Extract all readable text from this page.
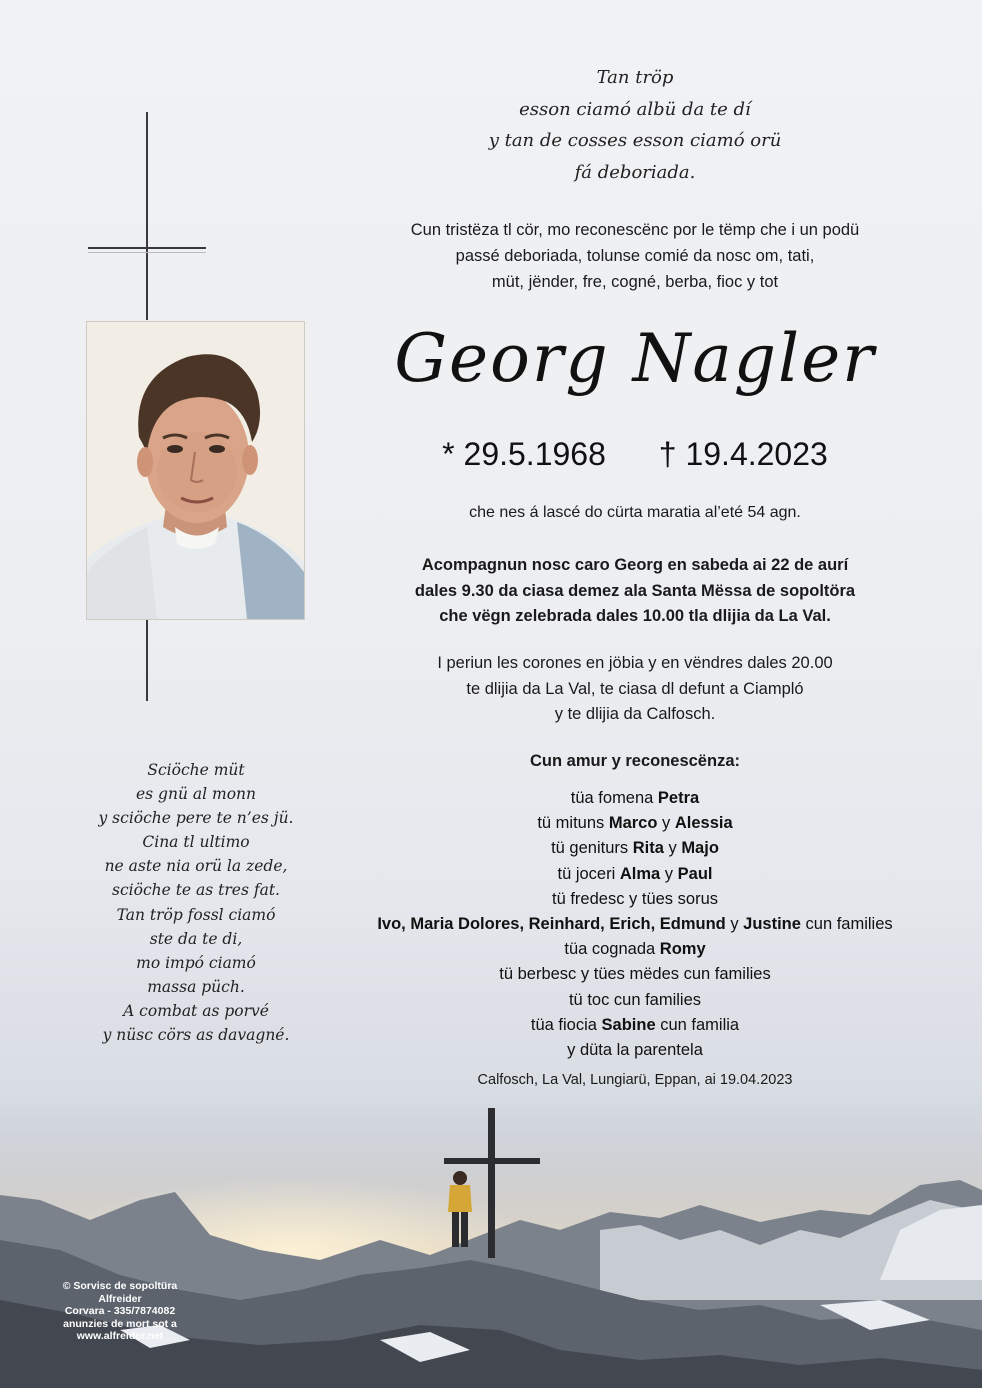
Tan tröp
esson ciamó albü da te dí
y tan de cosses esson ciamó orü
fá deboriada.
Cun tristëza tl cör, mo reconescënc por le tëmp che i un podü
passé deboriada, tolunse comié da nosc om, tati,
müt, jënder, fre, cogné, berba, fioc y tot
Georg Nagler
* 29.5.1968 † 19.4.2023
che nes á lascé do cürta maratia al’eté 54 agn.
Acompagnun nosc caro Georg en sabeda ai 22 de aurí
dales 9.30 da ciasa demez ala Santa Mëssa de sopoltöra
che vëgn zelebrada dales 10.00 tla dlijia da La Val.
I periun les corones en jöbia y en vëndres dales 20.00
te dlijia da La Val, te ciasa dl defunt a Ciampló
y te dlijia da Calfosch.
Cun amur y reconescënza:
tüa fomena Petra
tü mituns Marco y Alessia
tü geniturs Rita y Majo
tü joceri Alma y Paul
tü fredesc y tües sorus
Ivo, Maria Dolores, Reinhard, Erich, Edmund y Justine cun families
tüa cognada Romy
tü berbesc y tües mëdes cun families
tü toc cun families
tüa fiocia Sabine cun familia
y düta la parentela
Calfosch, La Val, Lungiarü, Eppan, ai 19.04.2023
Sciöche müt
es gnü al monn
y sciöche pere te n’es jü.
Cina tl ultimo
ne aste nia orü la zede,
sciöche te as tres fat.
Tan tröp fossl ciamó
ste da te di,
mo impó ciamó
massa püch.
A combat as porvé
y nüsc cörs as davagné.
© Sorvisc de sopoltüra Alfreider
Corvara - 335/7874082
anunzies de mort sot a
www.alfreider.net
